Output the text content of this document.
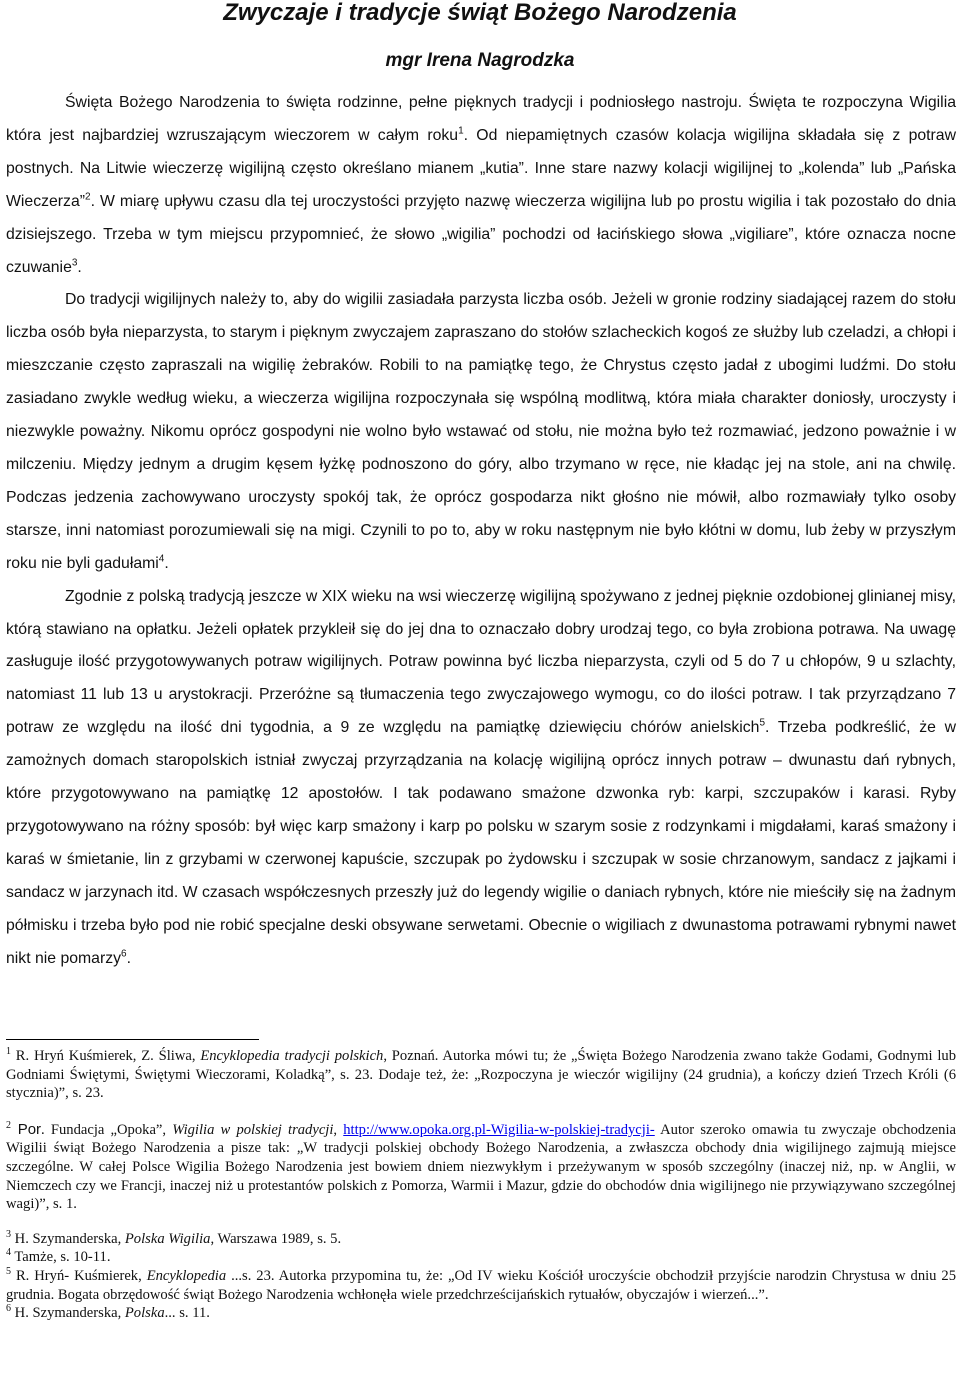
Zwyczaje i tradycje świąt Bożego Narodzenia
mgr Irena Nagrodzka

Święta Bożego Narodzenia to święta rodzinne, pełne pięknych tradycji i podniosłego nastroju. Święta te rozpoczyna Wigilia która jest najbardziej wzruszającym wieczorem w całym roku$^1$. Od niepamiętnych czasów kolacja wigilijna składała się z potraw postnych. Na Litwie wieczerzę wigilijną często określano mianem „kutia”. Inne stare nazwy kolacji wigilijnej to „kolenda” lub „Pańska Wieczerza”$^2$. W miarę upływu czasu dla tej uroczystości przyjęto nazwę wieczerza wigilijna lub po prostu wigilia i tak pozostało do dnia dzisiejszego. Trzeba w tym miejscu przypomnieć, że słowo „wigilia” pochodzi od łacińskiego słowa „vigiliare”, które oznacza nocne czuwanie$^3$.

Do tradycji wigilijnych należy to, aby do wigilii zasiadała parzysta liczba osób. Jeżeli w gronie rodziny siadającej razem do stołu liczba osób była nieparzysta, to starym i pięknym zwyczajem zapraszano do stołów szlacheckich kogoś ze służby lub czeladzi, a chłopi i mieszczanie często zapraszali na wigilię żebraków. Robili to na pamiątkę tego, że Chrystus często jadał z ubogimi ludźmi. Do stołu zasiadano zwykle według wieku, a wieczerza wigilijna rozpoczynała się wspólną modlitwą, która miała charakter doniosły, uroczysty i niezwykle poważny. Nikomu oprócz gospodyni nie wolno było wstawać od stołu, nie można było też rozmawiać, jedzono poważnie i w milczeniu. Między jednym a drugim kęsem łyżkę podnoszono do góry, albo trzymano w ręce, nie kładąc jej na stole, ani na chwilę. Podczas jedzenia zachowywano uroczysty spokój tak, że oprócz gospodarza nikt głośno nie mówił, albo rozmawiały tylko osoby starsze, inni natomiast porozumiewali się na migi. Czynili to po to, aby w roku następnym nie było kłótni w domu, lub żeby w przyszłym roku nie byli gadułami$^4$.

Zgodnie z polską tradycją jeszcze w XIX wieku na wsi wieczerzę wigilijną spożywano z jednej pięknie ozdobionej glinianej misy, którą stawiano na opłatku. Jeżeli opłatek przykleił się do jej dna to oznaczało dobry urodzaj tego, co była zrobiona potrawa. Na uwagę zasługuje ilość przygotowywanych potraw wigilijnych. Potraw powinna być liczba nieparzysta, czyli od 5 do 7 u chłopów, 9 u szlachty, natomiast 11 lub 13 u arystokracji. Przeróżne są tłumaczenia tego zwyczajowego wymogu, co do ilości potraw. I tak przyrządzano 7 potraw ze względu na ilość dni tygodnia, a 9 ze względu na pamiątkę dziewięciu chórów anielskich$^5$. Trzeba podkreślić, że w zamożnych domach staropolskich istniał zwyczaj przyrządzania na kolację wigilijną oprócz innych potraw – dwunastu dań rybnych, które przygotowywano na pamiątkę 12 apostołów. I tak podawano smażone dzwonka ryb: karpi, szczupaków i karasi. Ryby przygotowywano na różny sposób: był więc karp smażony i karp po polsku w szarym sosie z rodzynkami i migdałami, karaś smażony i karaś w śmietanie, lin z grzybami w czerwonej kapuście, szczupak po żydowsku i szczupak w sosie chrzanowym, sandacz z jajkami i sandacz w jarzynach itd. W czasach współczesnych przeszły już do legendy wigilie o daniach rybnych, które nie mieściły się na żadnym półmisku i trzeba było pod nie robić specjalne deski obsywane serwetami. Obecnie o wigiliach z dwunastoma potrawami rybnymi nawet nikt nie pomarzy$^6$.

$^1$ R. Hryń Kuśmierek, Z. Śliwa, Encyklopedia tradycji polskich, Poznań. Autorka mówi tu; że „Święta Bożego Narodzenia zwano także Godami, Godnymi lub Godniami Świętymi, Świętymi Wieczorami, Koladką”, s. 23. Dodaje też, że: „Rozpoczyna je wieczór wigilijny (24 grudnia), a kończy dzień Trzech Króli (6 stycznia)”, s. 23.

$^2$ Por. Fundacja „Opoka”, Wigilia w polskiej tradycji, http://www.opoka.org.pl-Wigilia-w-polskiej-tradycji- Autor szeroko omawia tu zwyczaje obchodzenia Wigilii świąt Bożego Narodzenia a pisze tak: „W tradycji polskiej obchody Bożego Narodzenia, a zwłaszcza obchody dnia wigilijnego zajmują miejsce szczególne. W całej Polsce Wigilia Bożego Narodzenia jest bowiem dniem niezwykłym i przeżywanym w sposób szczególny (inaczej niż, np. w Anglii, w Niemczech czy we Francji, inaczej niż u protestantów polskich z Pomorza, Warmii i Mazur, gdzie do obchodów dnia wigilijnego nie przywiązywano szczególnej wagi)”, s. 1.

$^3$ H. Szymanderska, Polska Wigilia, Warszawa 1989, s. 5.

$^4$ Tamże, s. 10-11.

$^5$ R. Hryń- Kuśmierek, Encyklopedia ...s. 23. Autorka przypomina tu, że: „Od IV wieku Kościół uroczyście obchodził przyjście narodzin Chrystusa w dniu 25 grudnia. Bogata obrzędowość świąt Bożego Narodzenia wchłonęła wiele przedchrześcijańskich rytuałów, obyczajów i wierzeń...”.

$^6$ H. Szymanderska, Polska... s. 11.
